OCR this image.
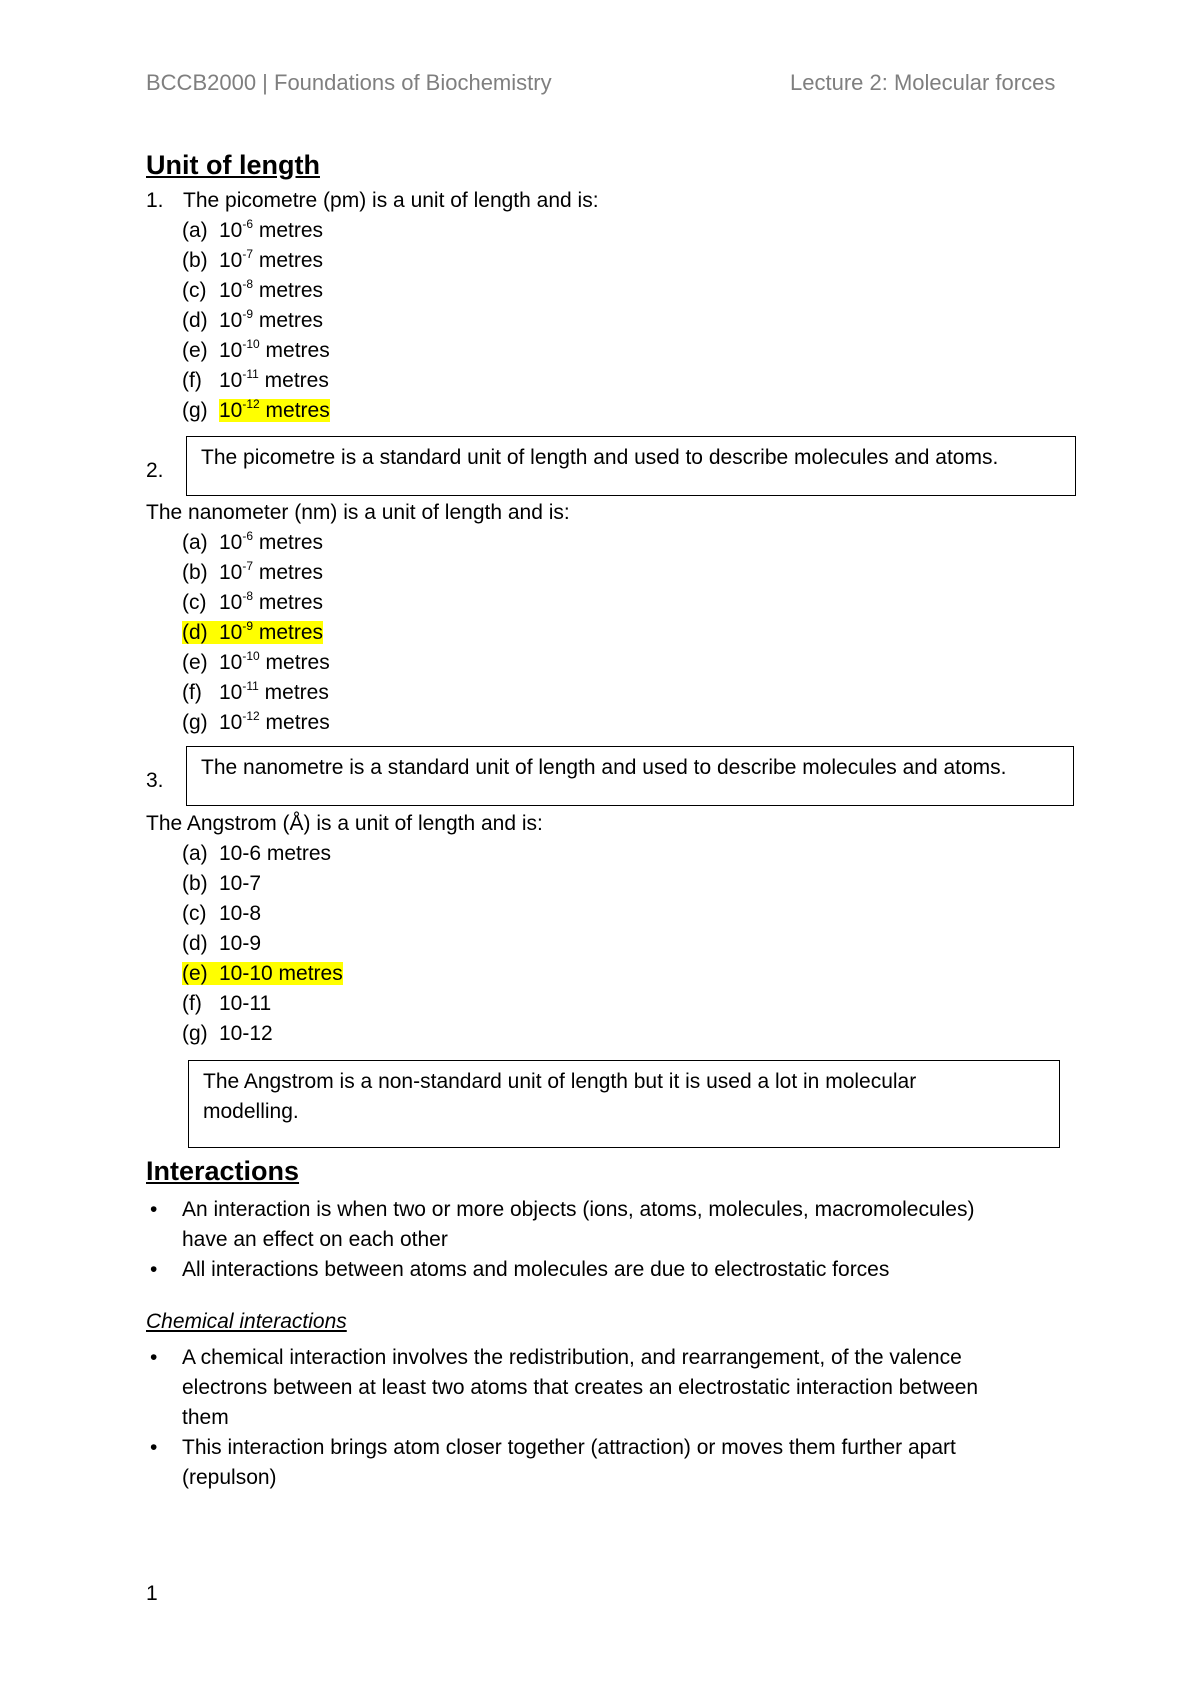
BCCB2000 | Foundations of Biochemistry	Lecture 2: Molecular forces
Unit of length
1. The picometre (pm) is a unit of length and is:
(a) $10^{-6}$ metres
(b) $10^{-7}$ metres
(c) $10^{-8}$ metres
(d) $10^{-9}$ metres
(e) $10^{-10}$ metres
(f) $10^{-11}$ metres
(g) $10^{-12}$ metres
2.
The picometre is a standard unit of length and used to describe molecules and atoms.
The nanometer (nm) is a unit of length and is:
(a) $10^{-6}$ metres
(b) $10^{-7}$ metres
(c) $10^{-8}$ metres
(d) $10^{-9}$ metres
(e) $10^{-10}$ metres
(f) $10^{-11}$ metres
(g) $10^{-12}$ metres
3.
The nanometre is a standard unit of length and used to describe molecules and atoms.
The Angstrom (Å) is a unit of length and is:
(a) 10-6 metres
(b) 10-7
(c) 10-8
(d) 10-9
(e) 10-10 metres
(f) 10-11
(g) 10-12
The Angstrom is a non-standard unit of length but it is used a lot in molecular
modelling.
Interactions
• An interaction is when two or more objects (ions, atoms, molecules, macromolecules)
have an effect on each other
• All interactions between atoms and molecules are due to electrostatic forces
Chemical interactions
• A chemical interaction involves the redistribution, and rearrangement, of the valence
electrons between at least two atoms that creates an electrostatic interaction between
them
• This interaction brings atom closer together (attraction) or moves them further apart
(repulson)
1
